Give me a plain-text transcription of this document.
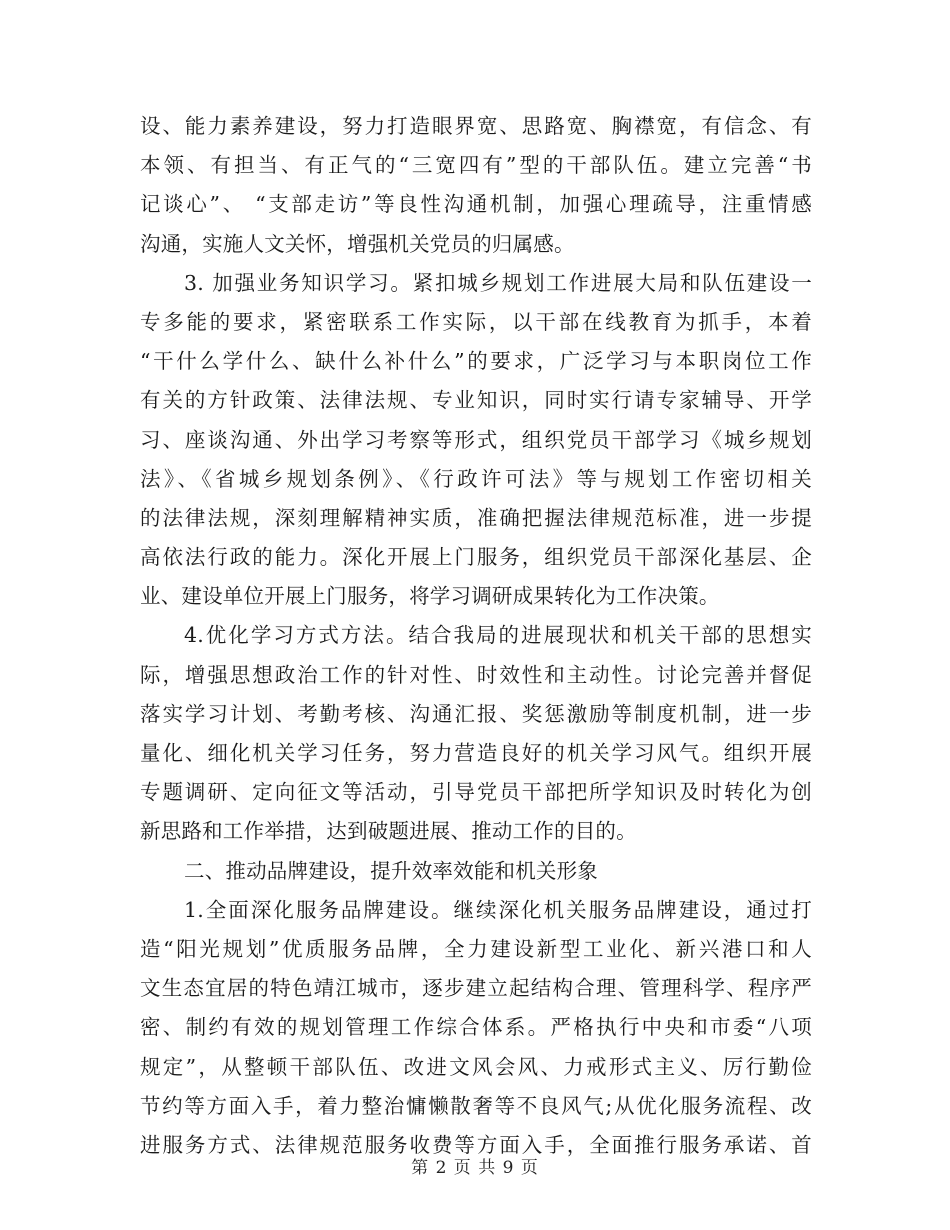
设、能力素养建设，努力打造眼界宽、思路宽、胸襟宽，有信念、有
本领、有担当、有正气的“三宽四有”型的干部队伍。建立完善“书
记谈心”、 “支部走访”等良性沟通机制，加强心理疏导，注重情感
沟通，实施人文关怀，增强机关党员的归属感。
3. 加强业务知识学习。紧扣城乡规划工作进展大局和队伍建设一
专多能的要求，紧密联系工作实际，以干部在线教育为抓手，本着
“干什么学什么、缺什么补什么”的要求，广泛学习与本职岗位工作
有关的方针政策、法律法规、专业知识，同时实行请专家辅导、开学
习、座谈沟通、外出学习考察等形式，组织党员干部学习《城乡规划
法》、《省城乡规划条例》、《行政许可法》等与规划工作密切相关
的法律法规，深刻理解精神实质，准确把握法律规范标准，进一步提
高依法行政的能力。深化开展上门服务，组织党员干部深化基层、企
业、建设单位开展上门服务，将学习调研成果转化为工作决策。
4.优化学习方式方法。结合我局的进展现状和机关干部的思想实
际，增强思想政治工作的针对性、时效性和主动性。讨论完善并督促
落实学习计划、考勤考核、沟通汇报、奖惩激励等制度机制，进一步
量化、细化机关学习任务，努力营造良好的机关学习风气。组织开展
专题调研、定向征文等活动，引导党员干部把所学知识及时转化为创
新思路和工作举措，达到破题进展、推动工作的目的。
二、推动品牌建设，提升效率效能和机关形象
1.全面深化服务品牌建设。继续深化机关服务品牌建设，通过打
造“阳光规划”优质服务品牌，全力建设新型工业化、新兴港口和人
文生态宜居的特色靖江城市，逐步建立起结构合理、管理科学、程序严
密、制约有效的规划管理工作综合体系。严格执行中央和市委“八项
规定”，从整顿干部队伍、改进文风会风、力戒形式主义、厉行勤俭
节约等方面入手，着力整治慵懒散奢等不良风气;从优化服务流程、改
进服务方式、法律规范服务收费等方面入手，全面推行服务承诺、首
第 2 页 共 9 页
